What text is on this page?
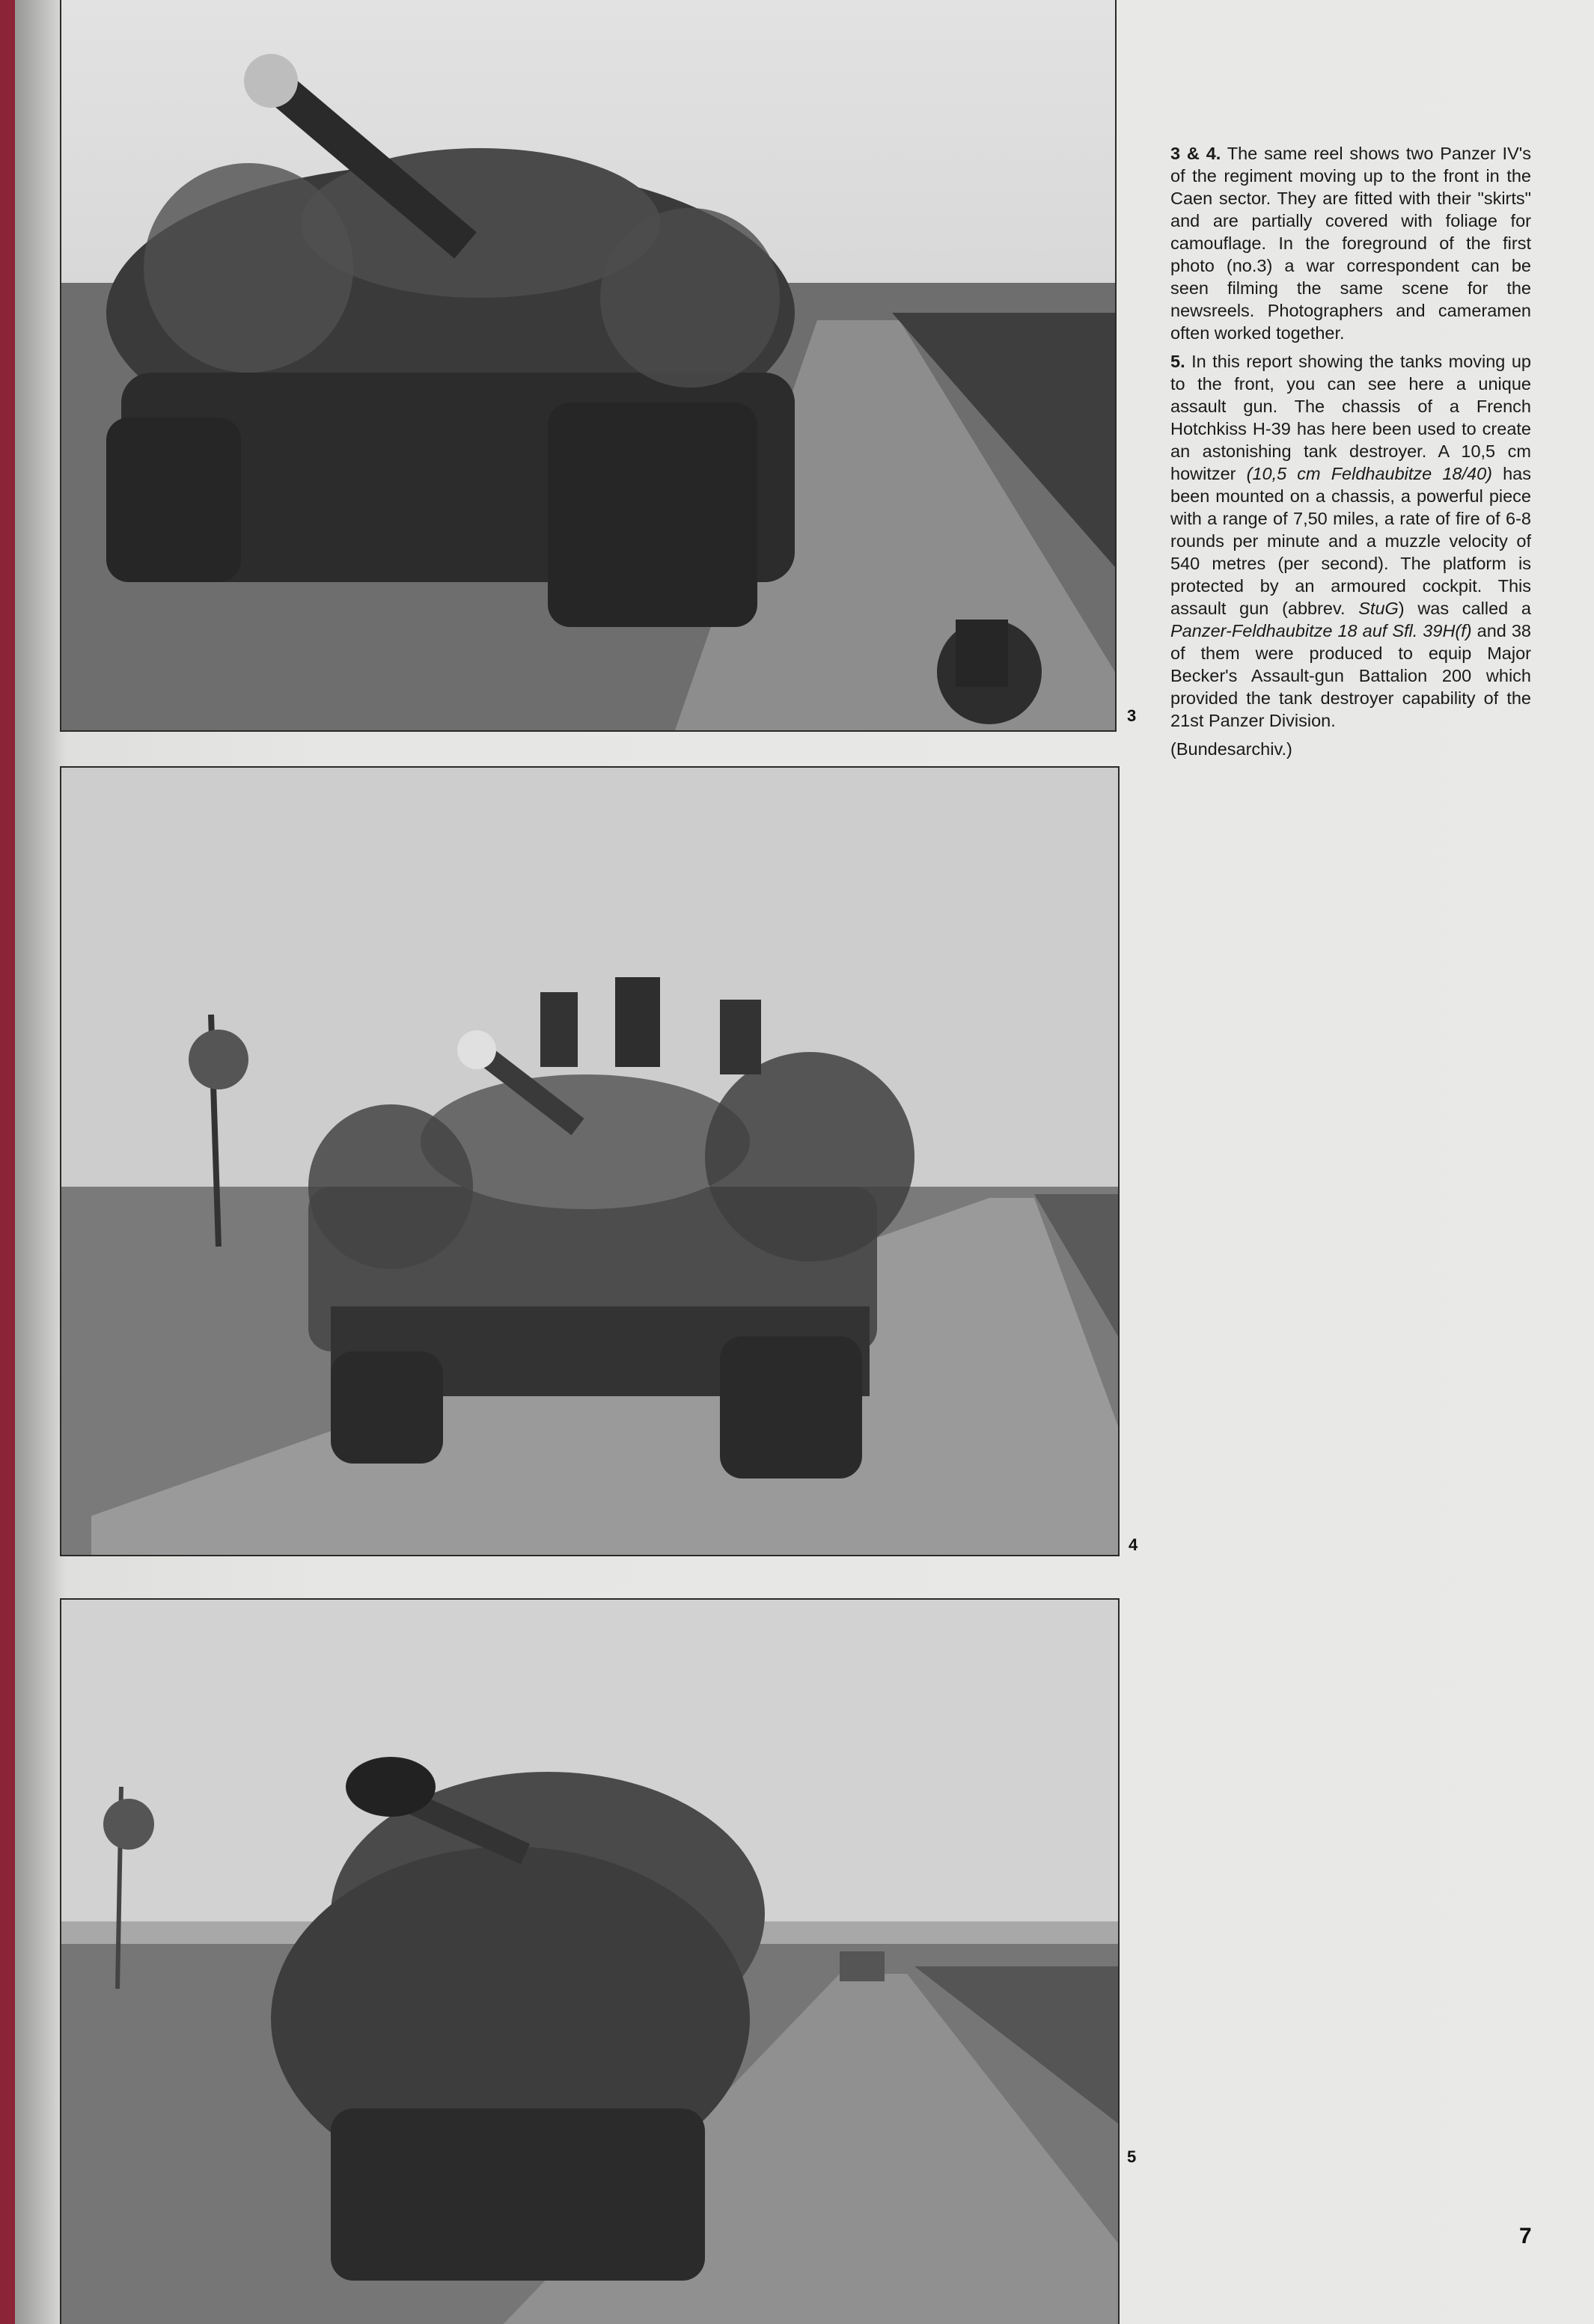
3
4
5

3 & 4. The same reel shows two Panzer IV's of the regiment moving up to the front in the Caen sector. They are fitted with their "skirts" and are partially covered with foliage for camouflage. In the foreground of the first photo (no.3) a war correspondent can be seen filming the same scene for the newsreels. Photographers and cameramen often worked together.

5. In this report showing the tanks moving up to the front, you can see here a unique assault gun. The chassis of a French Hotchkiss H-39 has here been used to create an astonishing tank destroyer. A 10,5 cm howitzer (10,5 cm Feldhaubitze 18/40) has been mounted on a chassis, a powerful piece with a range of 7,50 miles, a rate of fire of 6-8 rounds per minute and a muzzle velocity of 540 metres (per second). The platform is protected by an armoured cockpit. This assault gun (abbrev. StuG) was called a Panzer-Feldhaubitze 18 auf Sfl. 39H(f) and 38 of them were produced to equip Major Becker's Assault-gun Battalion 200 which provided the tank destroyer capability of the 21st Panzer Division.

(Bundesarchiv.)

7
